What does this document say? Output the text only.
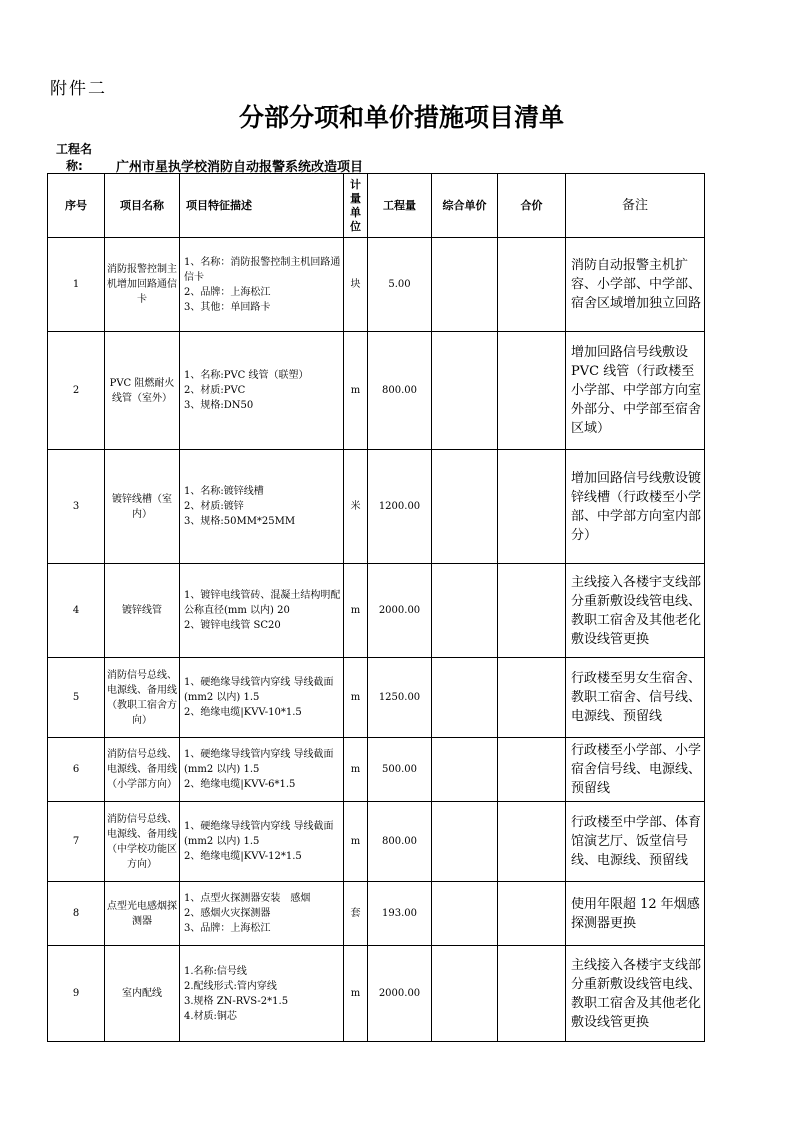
附件二
分部分项和单价措施项目清单
工程名
称:	广州市星执学校消防自动报警系统改造项目
序号	项目名称	项目特征描述	计量单位	工程量	综合单价	合价	备注
1	消防报警控制主机增加回路通信卡	1、名称：消防报警控制主机回路通信卡
2、品牌：上海松江
3、其他：单回路卡	块	5.00			消防自动报警主机扩容、小学部、中学部、宿舍区域增加独立回路
2	PVC 阻燃耐火线管（室外）	1、名称:PVC 线管（联塑）
2、材质:PVC
3、规格:DN50	m	800.00			增加回路信号线敷设 PVC 线管（行政楼至小学部、中学部方向室外部分、中学部至宿舍区域）
3	镀锌线槽（室内）	1、名称:镀锌线槽
2、材质:镀锌
3、规格:50MM*25MM	米	1200.00			增加回路信号线敷设镀锌线槽（行政楼至小学部、中学部方向室内部分）
4	镀锌线管	1、镀锌电线管砖、混凝土结构明配 公称直径(mm 以内) 20
2、镀锌电线管 SC20	m	2000.00			主线接入各楼宇支线部分重新敷设线管电线、教职工宿舍及其他老化敷设线管更换
5	消防信号总线、电源线、备用线（教职工宿舍方向）	1、硬绝缘导线管内穿线 导线截面(mm2 以内) 1.5
2、绝缘电缆|KVV-10*1.5	m	1250.00			行政楼至男女生宿舍、教职工宿舍、信号线、电源线、预留线
6	消防信号总线、电源线、备用线（小学部方向）	1、硬绝缘导线管内穿线 导线截面(mm2 以内) 1.5
2、绝缘电缆|KVV-6*1.5	m	500.00			行政楼至小学部、小学宿舍信号线、电源线、预留线
7	消防信号总线、电源线、备用线（中学校功能区方向）	1、硬绝缘导线管内穿线 导线截面(mm2 以内) 1.5
2、绝缘电缆|KVV-12*1.5	m	800.00			行政楼至中学部、体育馆演艺厅、饭堂信号线、电源线、预留线
8	点型光电感烟探测器	1、点型火探测器安装　感烟
2、感烟火灾探测器
3、品牌：上海松江	套	193.00			使用年限超 12 年烟感探测器更换
9	室内配线	1.名称:信号线
2.配线形式:管内穿线
3.规格 ZN-RVS-2*1.5
4.材质:铜芯	m	2000.00			主线接入各楼宇支线部分重新敷设线管电线、教职工宿舍及其他老化敷设线管更换
